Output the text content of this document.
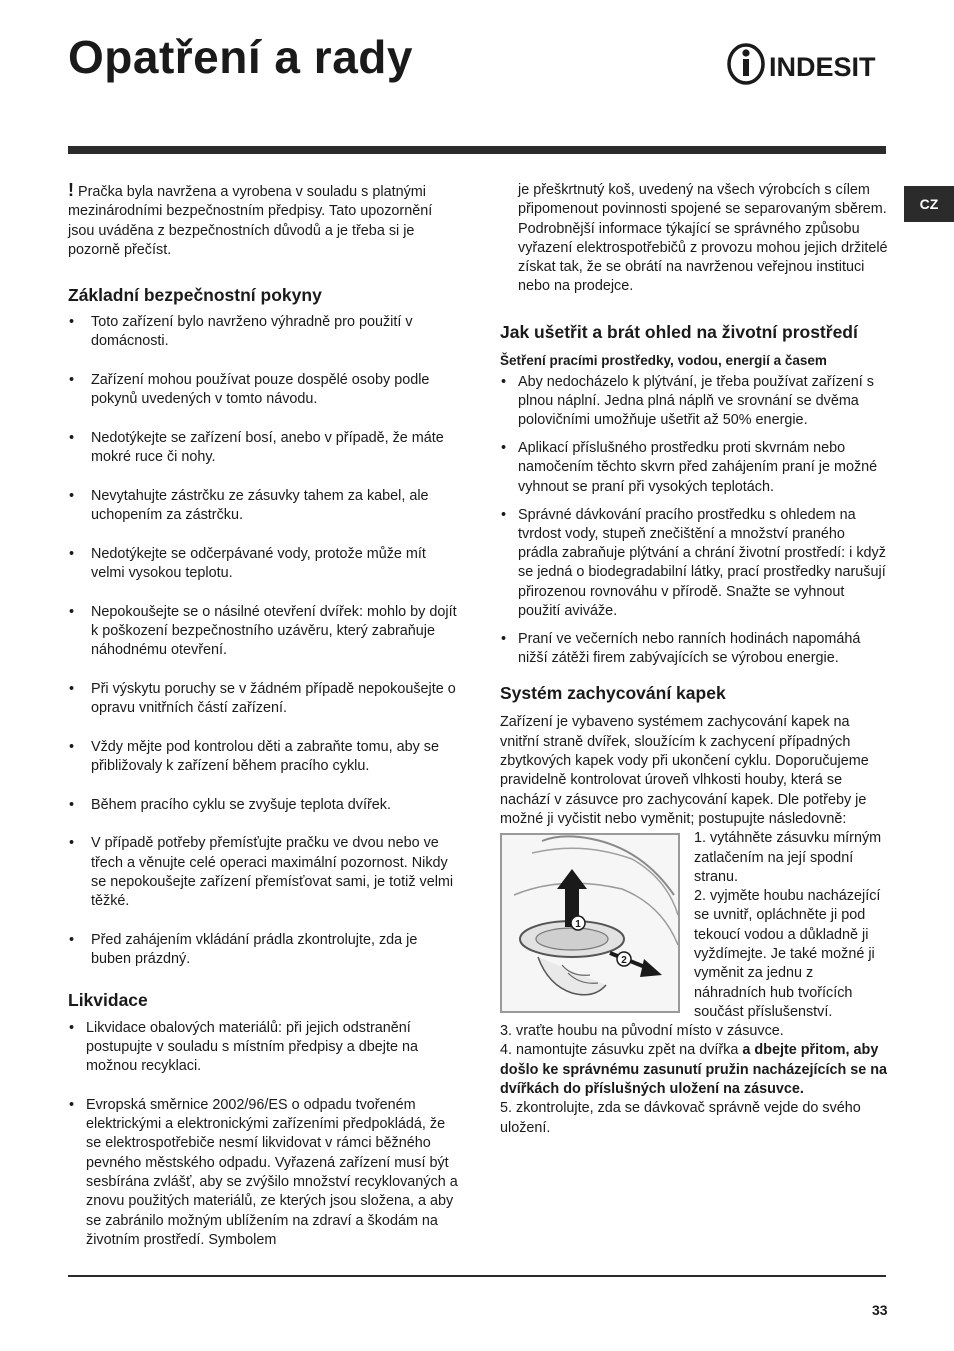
Opatření a rady	INDESIT
CZ

! Pračka byla navržena a vyrobena v souladu s platnými mezinárodními bezpečnostním předpisy. Tato upozornění jsou uváděna z bezpečnostních důvodů a je třeba si je pozorně přečíst.

Základní bezpečnostní pokyny
• Toto zařízení bylo navrženo výhradně pro použití v domácnosti.
• Zařízení mohou používat pouze dospělé osoby podle pokynů uvedených v tomto návodu.
• Nedotýkejte se zařízení bosí, anebo v případě, že máte mokré ruce či nohy.
• Nevytahujte zástrčku ze zásuvky tahem za kabel, ale uchopením za zástrčku.
• Nedotýkejte se odčerpávané vody, protože může mít velmi vysokou teplotu.
• Nepokoušejte se o násilné otevření dvířek: mohlo by dojít k poškození bezpečnostního uzávěru, který zabraňuje náhodnému otevření.
• Při výskytu poruchy se v žádném případě nepokoušejte o opravu vnitřních částí zařízení.
• Vždy mějte pod kontrolou děti a zabraňte tomu, aby se přibližovaly k zařízení během pracího cyklu.
• Během pracího cyklu se zvyšuje teplota dvířek.
• V případě potřeby přemísťujte pračku ve dvou nebo ve třech a věnujte celé operaci maximální pozornost. Nikdy se nepokoušejte zařízení přemísťovat sami, je totiž velmi těžké.
• Před zahájením vkládání prádla zkontrolujte, zda je buben prázdný.
Likvidace
• Likvidace obalových materiálů: při jejich odstranění postupujte v souladu s místním předpisy a dbejte na možnou recyklaci.
• Evropská směrnice 2002/96/ES o odpadu tvořeném elektrickými a elektronickými zařízeními předpokládá, že se elektrospotřebiče nesmí likvidovat v rámci běžného pevného městského odpadu. Vyřazená zařízení musí být sesbírána zvlášť, aby se zvýšilo množství recyklovaných a znovu použitých materiálů, ze kterých jsou složena, a aby se zabránilo možným ublížením na zdraví a škodám na životním prostředí. Symbolem

je přeškrtnutý koš, uvedený na všech výrobcích s cílem připomenout povinnosti spojené se separovaným sběrem.

Podrobnější informace týkající se správného způsobu vyřazení elektrospotřebičů z provozu mohou jejich držitelé získat tak, že se obrátí na navrženou veřejnou instituci nebo na prodejce.

Jak ušetřit a brát ohled na životní prostředí
Šetření pracími prostředky, vodou, energií a časem
• Aby nedocházelo k plýtvání, je třeba používat zařízení s plnou náplní. Jedna plná náplň ve srovnání se dvěma polovičními umožňuje ušetřit až 50% energie.
• Aplikací příslušného prostředku proti skvrnám nebo namočením těchto skvrn před zahájením praní je možné vyhnout se praní při vysokých teplotách.
• Správné dávkování pracího prostředku s ohledem na tvrdost vody, stupeň znečištění a množství praného prádla zabraňuje plýtvání a chrání životní prostředí: i když se jedná o biodegradabilní látky, prací prostředky narušují přirozenou rovnováhu v přírodě. Snažte se vyhnout použití aviváže.
• Praní ve večerních nebo ranních hodinách napomáhá nižší zátěži firem zabývajících se výrobou energie.
Systém zachycování kapek

Zařízení je vybaveno systémem zachycování kapek na vnitřní straně dvířek, sloužícím k zachycení případných zbytkových kapek vody při ukončení cyklu. Doporučujeme pravidelně kontrolovat úroveň vlhkosti houby, která se nachází v zásuvce pro zachycování kapek. Dle potřeby je možné ji vyčistit nebo vyměnit; postupujte následovně:

1
2

1. vytáhněte zásuvku mírným zatlačením na její spodní stranu.

2. vyjměte houbu nacházející se uvnitř, opláchněte ji pod tekoucí vodou a důkladně ji vyždímejte. Je také možné ji vyměnit za jednu z náhradních hub tvořících součást příslušenství.

3. vraťte houbu na původní místo v zásuvce.

4. namontujte zásuvku zpět na dvířka a dbejte přitom, aby došlo ke správnému zasunutí pružin nacházejících se na dvířkách do příslušných uložení na zásuvce.

5. zkontrolujte, zda se dávkovač správně vejde do svého uložení.

33
